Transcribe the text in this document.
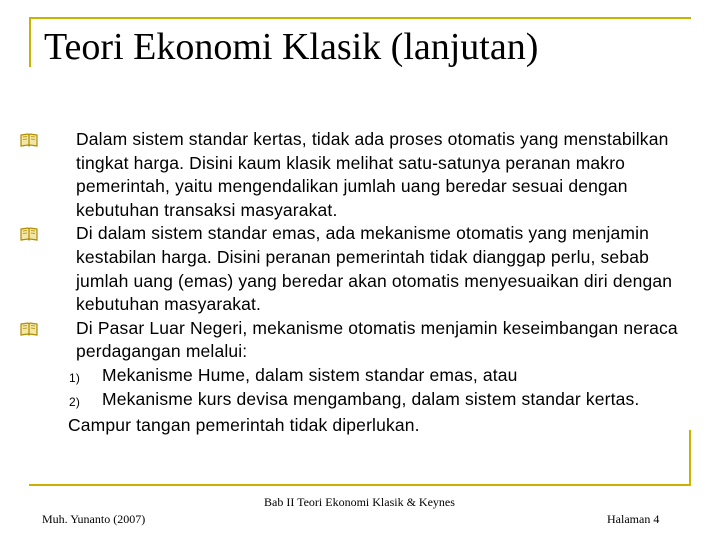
Teori Ekonomi Klasik (lanjutan)
Dalam sistem standar kertas, tidak ada proses otomatis yang menstabilkan tingkat harga. Disini kaum klasik melihat satu-satunya peranan makro pemerintah, yaitu mengendalikan jumlah uang beredar sesuai dengan kebutuhan transaksi masyarakat.
Di dalam sistem standar emas, ada mekanisme otomatis yang menjamin kestabilan harga. Disini peranan pemerintah tidak dianggap perlu, sebab jumlah uang (emas) yang beredar akan otomatis menyesuaikan diri dengan kebutuhan masyarakat.
Di Pasar Luar Negeri, mekanisme otomatis menjamin keseimbangan neraca perdagangan melalui:
1) Mekanisme Hume, dalam sistem standar emas, atau
2) Mekanisme kurs devisa mengambang, dalam sistem standar kertas.
Campur tangan pemerintah tidak diperlukan.
Muh. Yunanto (2007)
Bab II Teori Ekonomi Klasik & Keynes
Halaman 4
